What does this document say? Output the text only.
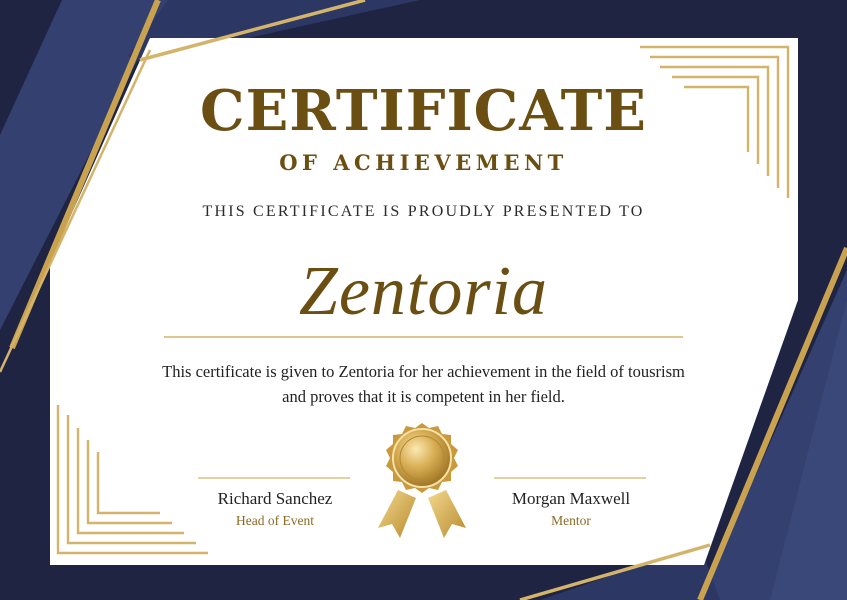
CERTIFICATE
OF ACHIEVEMENT
THIS CERTIFICATE IS PROUDLY PRESENTED TO
Zentoria
This certificate is given to Zentoria for her achievement in the field of tousrism
and proves that it is competent in her field.
Richard Sanchez
Head of Event
Morgan Maxwell
Mentor
